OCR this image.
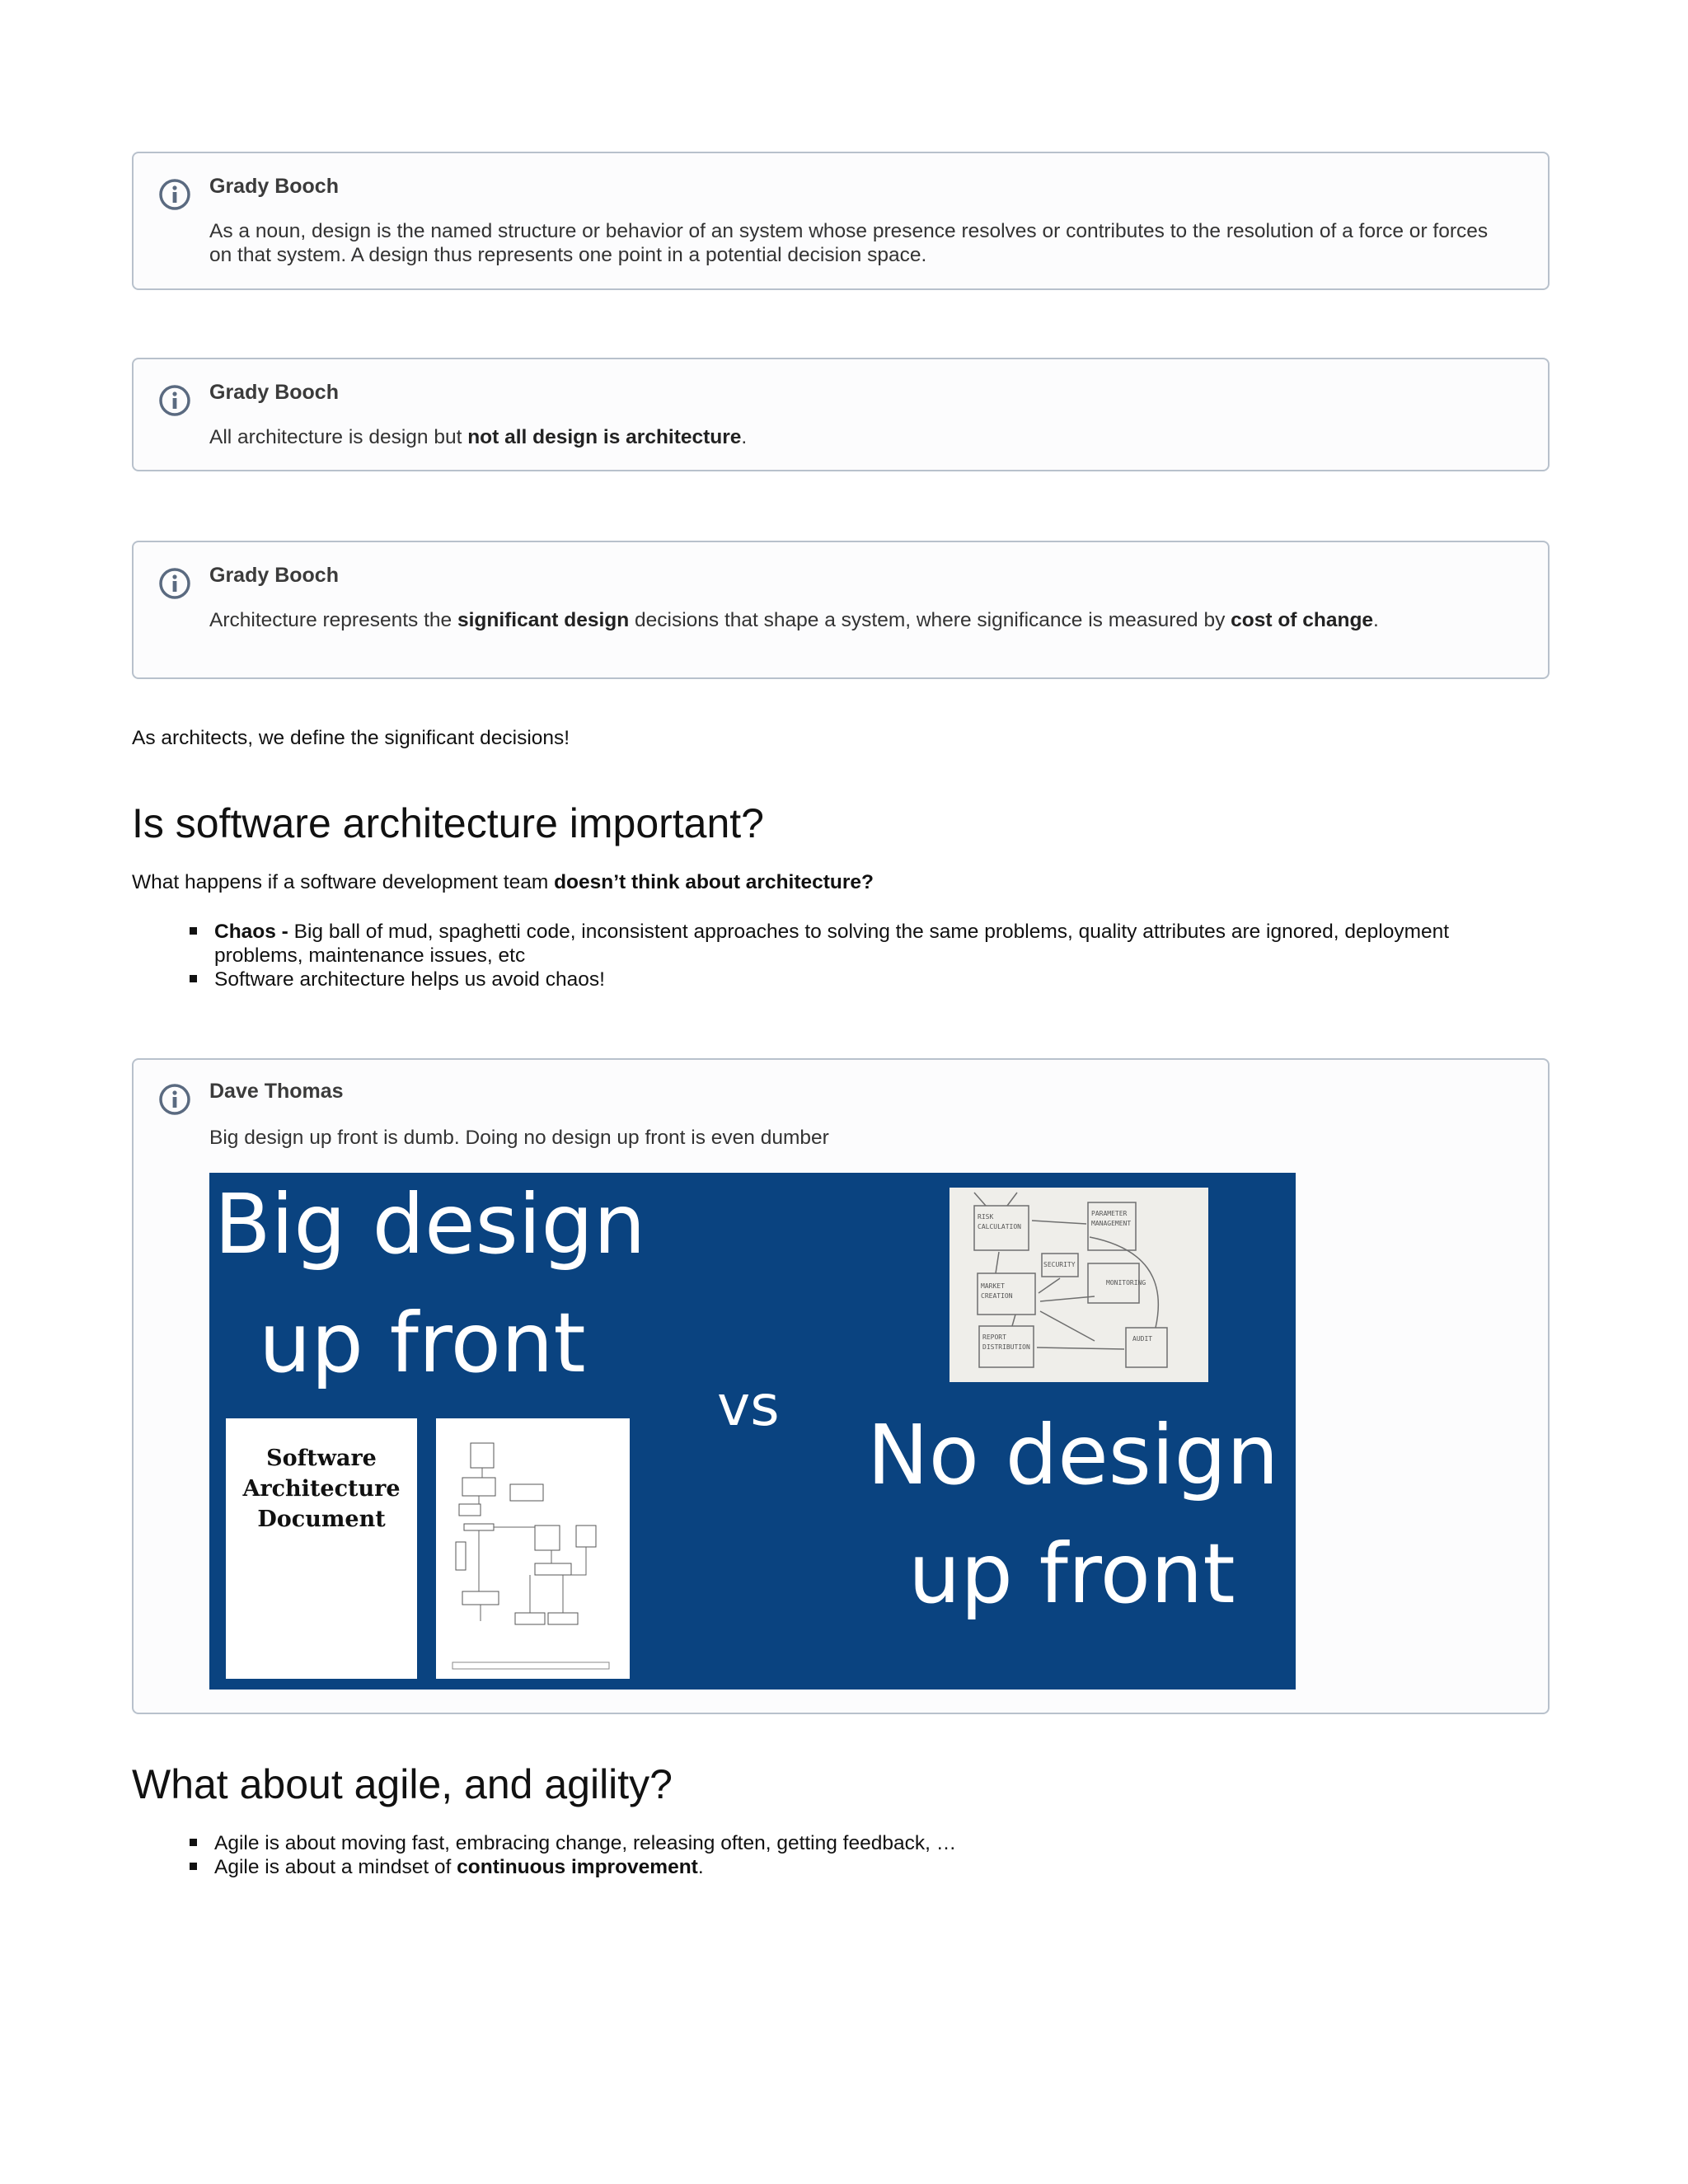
Grady Booch
As a noun, design is the named structure or behavior of an system whose presence resolves or contributes to the resolution of a force or forces on that system. A design thus represents one point in a potential decision space.
Grady Booch
All architecture is design but not all design is architecture.
Grady Booch
Architecture represents the significant design decisions that shape a system, where significance is measured by cost of change.
As architects, we define the significant decisions!
Is software architecture important?
What happens if a software development team doesn’t think about architecture?
Chaos - Big ball of mud, spaghetti code, inconsistent approaches to solving the same problems, quality attributes are ignored, deployment problems, maintenance issues, etc
Software architecture helps us avoid chaos!
Dave Thomas
Big design up front is dumb. Doing no design up front is even dumber
Big design
up front
Software Architecture Document
vs
RISK
CALCULATION
PARAMETER
MANAGEMENT
SECURITY
MONITORING
MARKET
CREATION
REPORT
DISTRIBUTION
AUDIT
No design
up front
What about agile, and agility?
Agile is about moving fast, embracing change, releasing often, getting feedback, …
Agile is about a mindset of continuous improvement.
